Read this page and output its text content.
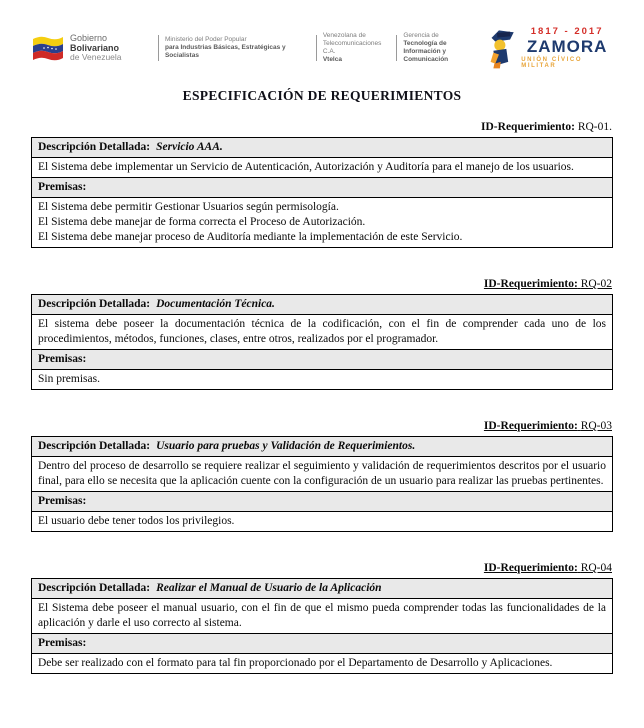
Gobierno Bolivariano
de Venezuela
Ministerio del Poder Popular
para Industrias Básicas, Estratégicas y Socialistas
Venezolana de
Telecomunicaciones C.A.
Vtelca
Gerencia de
Tecnología de
Información y Comunicación
1817 - 2017
ZAMORA
UNIÓN CÍVICO MILITAR
ESPECIFICACIÓN DE REQUERIMIENTOS
ID-Requerimiento: RQ-01.
Descripción Detallada: Servicio AAA.
El Sistema debe implementar un Servicio de Autenticación, Autorización y Auditoría para el manejo de los usuarios.
Premisas:
El Sistema debe permitir Gestionar Usuarios según permisología.
El Sistema debe manejar de forma correcta el Proceso de Autorización.
El Sistema debe manejar proceso de Auditoría mediante la implementación de este Servicio.
ID-Requerimiento: RQ-02
Descripción Detallada: Documentación Técnica.
El sistema debe poseer la documentación técnica de la codificación, con el fin de comprender cada uno de los procedimientos, métodos, funciones, clases, entre otros, realizados por el programador.
Premisas:
Sin premisas.
ID-Requerimiento: RQ-03
Descripción Detallada: Usuario para pruebas y Validación de Requerimientos.
Dentro del proceso de desarrollo se requiere realizar el seguimiento y validación de requerimientos descritos por el usuario final, para ello se necesita que la aplicación cuente con la configuración de un usuario para realizar las pruebas pertinentes.
Premisas:
El usuario debe tener todos los privilegios.
ID-Requerimiento: RQ-04
Descripción Detallada: Realizar el Manual de Usuario de la Aplicación
El Sistema debe poseer el manual usuario, con el fin de que el mismo pueda comprender todas las funcionalidades de la aplicación y darle el uso correcto al sistema.
Premisas:
Debe ser realizado con el formato para tal fin proporcionado por el Departamento de Desarrollo y Aplicaciones.
